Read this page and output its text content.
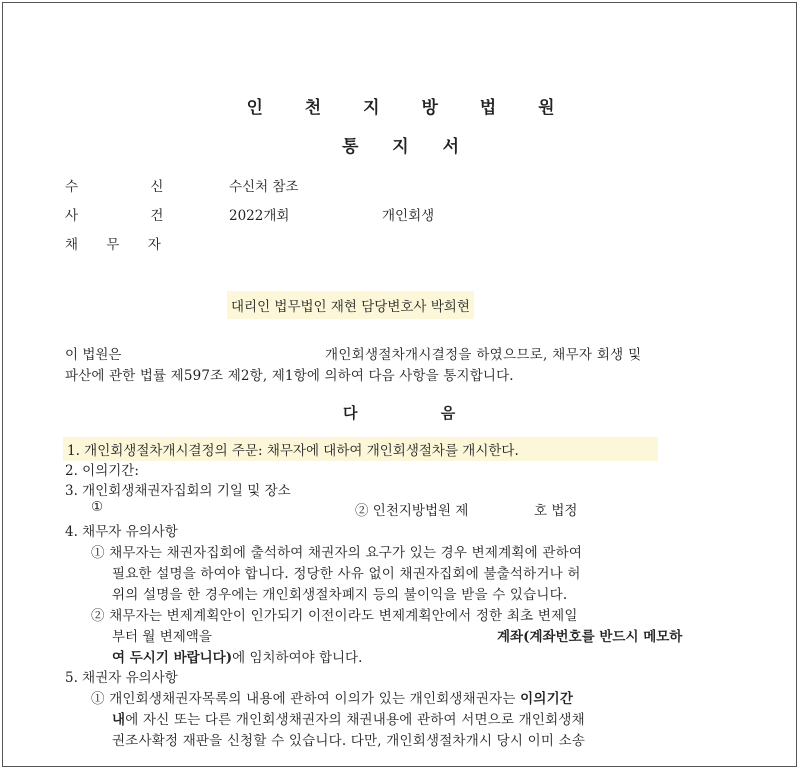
인 천 지 방 법 원
통 지 서
수	신	수신처 참조
사	건	2022개회	개인회생
채 무 자
대리인 법무법인 재현 담당변호사 박희현
이 법원은	개인회생절차개시결정을 하였으므로, 채무자 회생 및
파산에 관한 법률 제597조 제2항, 제1항에 의하여 다음 사항을 통지합니다.
다	음
1. 개인회생절차개시결정의 주문: 채무자에 대하여 개인회생절차를 개시한다.
2. 이의기간:
3. 개인회생채권자집회의 기일 및 장소
①	② 인천지방법원 제	호 법정
4. 채무자 유의사항
① 채무자는 채권자집회에 출석하여 채권자의 요구가 있는 경우 변제계획에 관하여
필요한 설명을 하여야 합니다. 정당한 사유 없이 채권자집회에 불출석하거나 허
위의 설명을 한 경우에는 개인회생절차폐지 등의 불이익을 받을 수 있습니다.
② 채무자는 변제계획안이 인가되기 이전이라도 변제계획안에서 정한 최초 변제일
부터 월 변제액을	계좌(계좌번호를 반드시 메모하
여 두시기 바랍니다)에 임치하여야 합니다.
5. 채권자 유의사항
① 개인회생채권자목록의 내용에 관하여 이의가 있는 개인회생채권자는 이의기간
내에 자신 또는 다른 개인회생채권자의 채권내용에 관하여 서면으로 개인회생채
권조사확정 재판을 신청할 수 있습니다. 다만, 개인회생절차개시 당시 이미 소송
